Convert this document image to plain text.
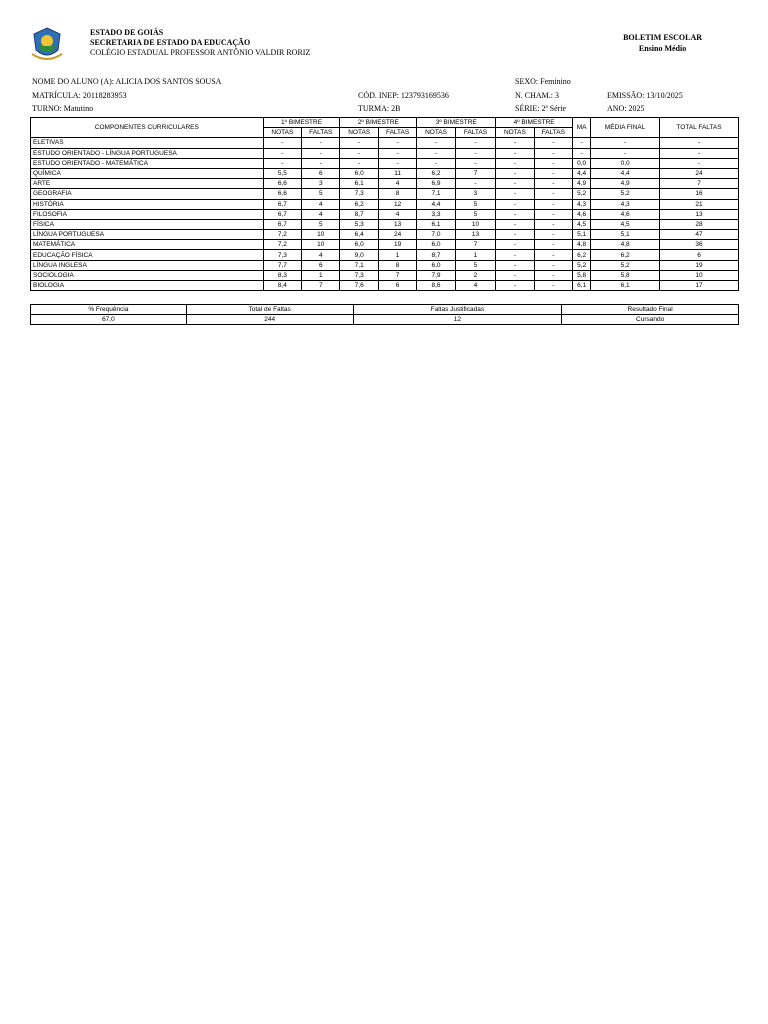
ESTADO DE GOIÁS
SECRETARIA DE ESTADO DA EDUCAÇÃO
COLÉGIO ESTADUAL PROFESSOR ANTÔNIO VALDIR RORIZ
BOLETIM ESCOLAR
Ensino Médio
NOME DO ALUNO (A): ALICIA DOS SANTOS SOUSA	SEXO: Feminino
MATRÍCULA: 20118283953	CÓD. INEP: 123793169536	N. CHAM.: 3	EMISSÃO: 13/10/2025
TURNO: Matutino	TURMA: 2B	SÉRIE: 2ª Série	ANO: 2025
COMPONENTES CURRICULARES	1º BIMESTRE		2º BIMESTRE		3º BIMESTRE		4º BIMESTRE		MA	MÉDIA FINAL	TOTAL FALTAS
	NOTAS	FALTAS	NOTAS	FALTAS	NOTAS	FALTAS	NOTAS	FALTAS			
ELETIVAS	-	-	-	-	-	-	-	-	-	-	-
ESTUDO ORIENTADO - LÍNGUA PORTUGUESA	-	-	-	-	-	-	-	-	-	-	-
ESTUDO ORIENTADO - MATEMÁTICA	-	-	-	-	-	-	-	-	0,0	0,0	-
QUÍMICA	5,5	6	6,0	11	6,2	7	-	-	4,4	4,4	24
ARTE	6,6	3	6,1	4	6,9	-	-	-	4,9	4,9	7
GEOGRAFIA	6,6	5	7,3	8	7,1	3	-	-	5,2	5,2	16
HISTÓRIA	6,7	4	6,2	12	4,4	5	-	-	4,3	4,3	21
FILOSOFIA	6,7	4	8,7	4	3,3	5	-	-	4,6	4,6	13
FÍSICA	6,7	5	5,3	13	6,1	10	-	-	4,5	4,5	28
LÍNGUA PORTUGUESA	7,2	10	6,4	24	7,0	13	-	-	5,1	5,1	47
MATEMÁTICA	7,2	10	6,0	19	6,0	7	-	-	4,8	4,8	36
EDUCAÇÃO FÍSICA	7,3	4	9,0	1	8,7	1	-	-	6,2	6,2	6
LÍNGUA INGLESA	7,7	6	7,1	8	6,0	5	-	-	5,2	5,2	19
SOCIOLOGIA	8,3	1	7,3	7	7,9	2	-	-	5,8	5,8	10
BIOLOGIA	8,4	7	7,6	6	8,6	4	-	-	6,1	6,1	17
% Frequência	Total de Faltas	Faltas Justificadas	Resultado Final
67,0	244	12	Cursando
